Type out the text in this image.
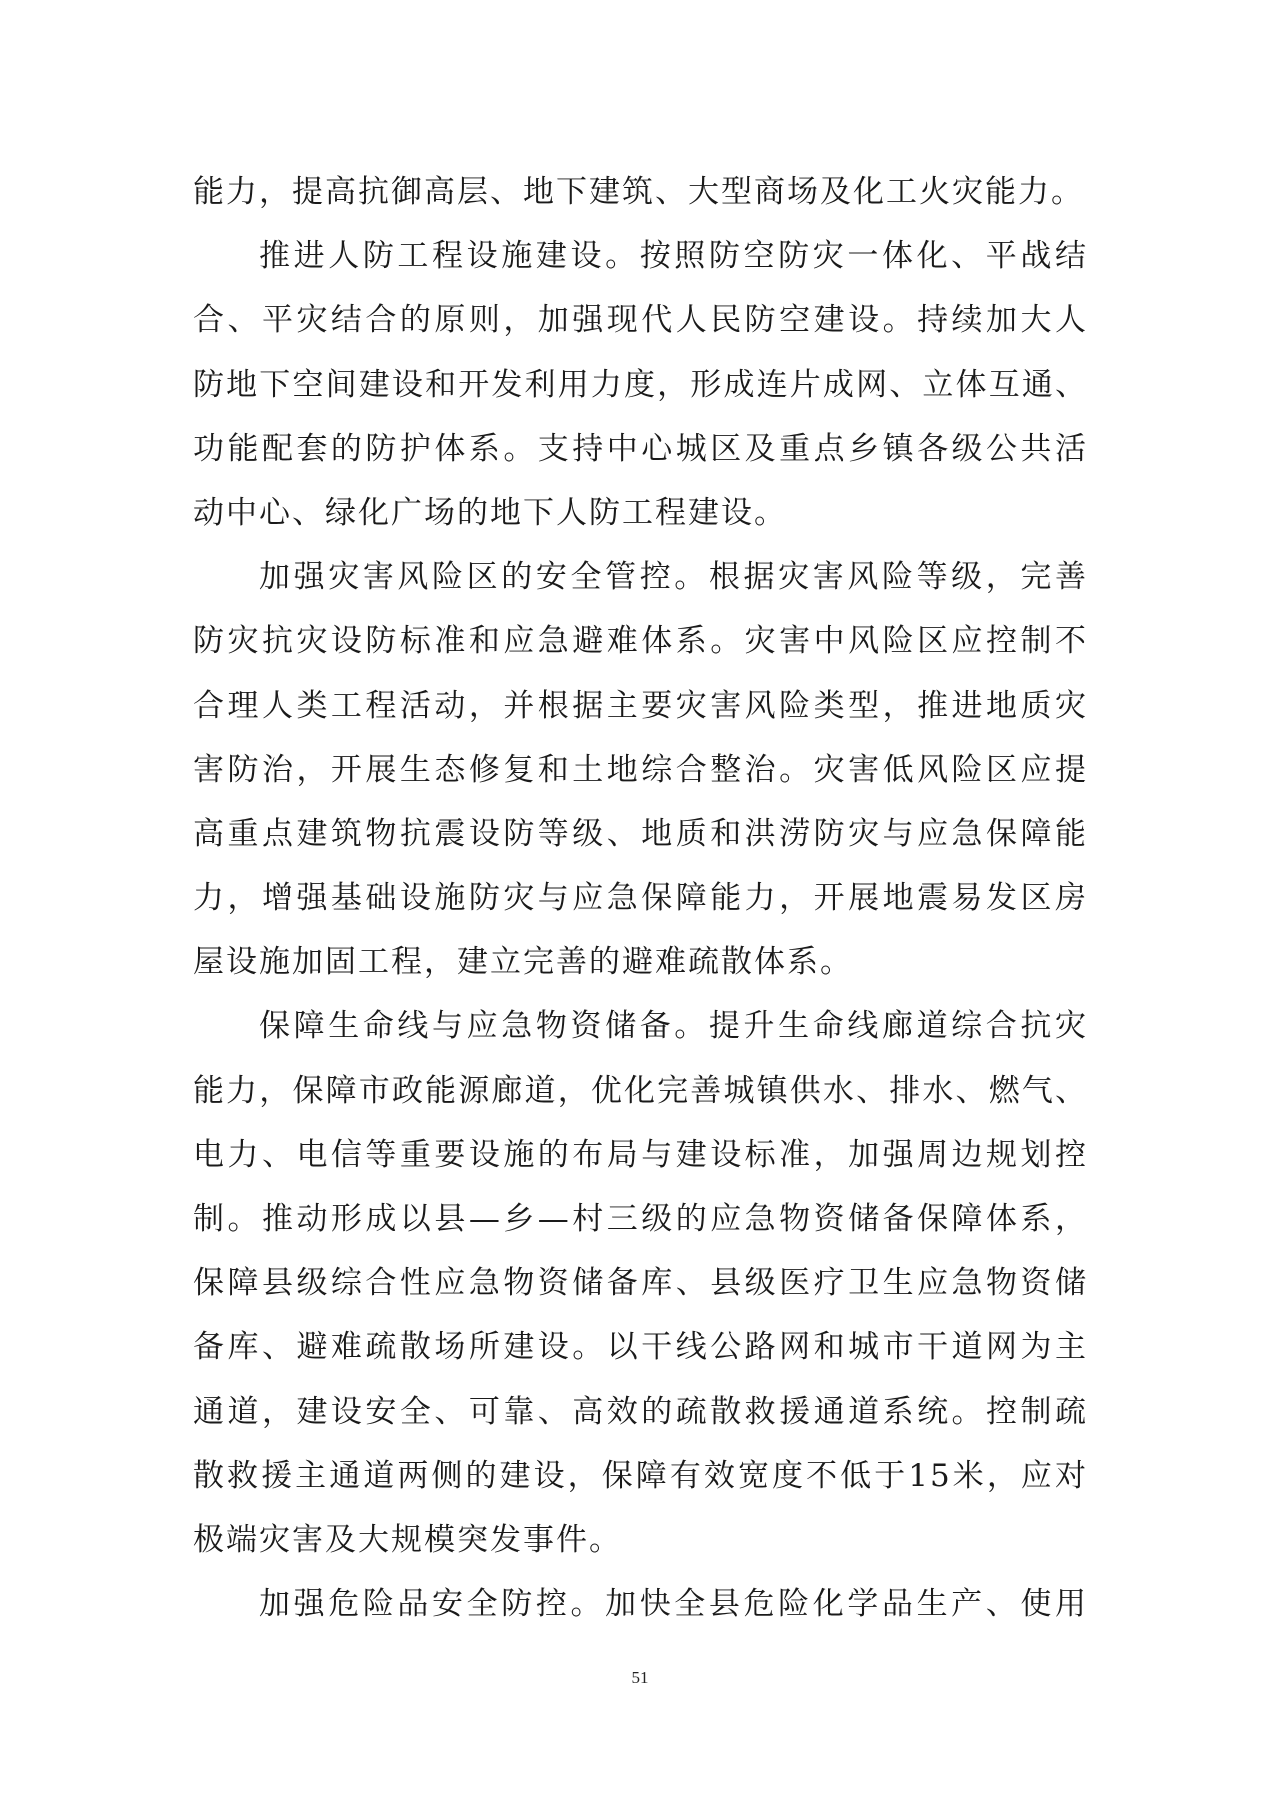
能力，提高抗御高层、地下建筑、大型商场及化工火灾能力。
推进人防工程设施建设。按照防空防灾一体化、平战结
合、平灾结合的原则，加强现代人民防空建设。持续加大人
防地下空间建设和开发利用力度，形成连片成网、立体互通、
功能配套的防护体系。支持中心城区及重点乡镇各级公共活
动中心、绿化广场的地下人防工程建设。
加强灾害风险区的安全管控。根据灾害风险等级，完善
防灾抗灾设防标准和应急避难体系。灾害中风险区应控制不
合理人类工程活动，并根据主要灾害风险类型，推进地质灾
害防治，开展生态修复和土地综合整治。灾害低风险区应提
高重点建筑物抗震设防等级、地质和洪涝防灾与应急保障能
力，增强基础设施防灾与应急保障能力，开展地震易发区房
屋设施加固工程，建立完善的避难疏散体系。
保障生命线与应急物资储备。提升生命线廊道综合抗灾
能力，保障市政能源廊道，优化完善城镇供水、排水、燃气、
电力、电信等重要设施的布局与建设标准，加强周边规划控
制。推动形成以县—乡—村三级的应急物资储备保障体系，
保障县级综合性应急物资储备库、县级医疗卫生应急物资储
备库、避难疏散场所建设。以干线公路网和城市干道网为主
通道，建设安全、可靠、高效的疏散救援通道系统。控制疏
散救援主通道两侧的建设，保障有效宽度不低于15米，应对
极端灾害及大规模突发事件。
加强危险品安全防控。加快全县危险化学品生产、使用
51
